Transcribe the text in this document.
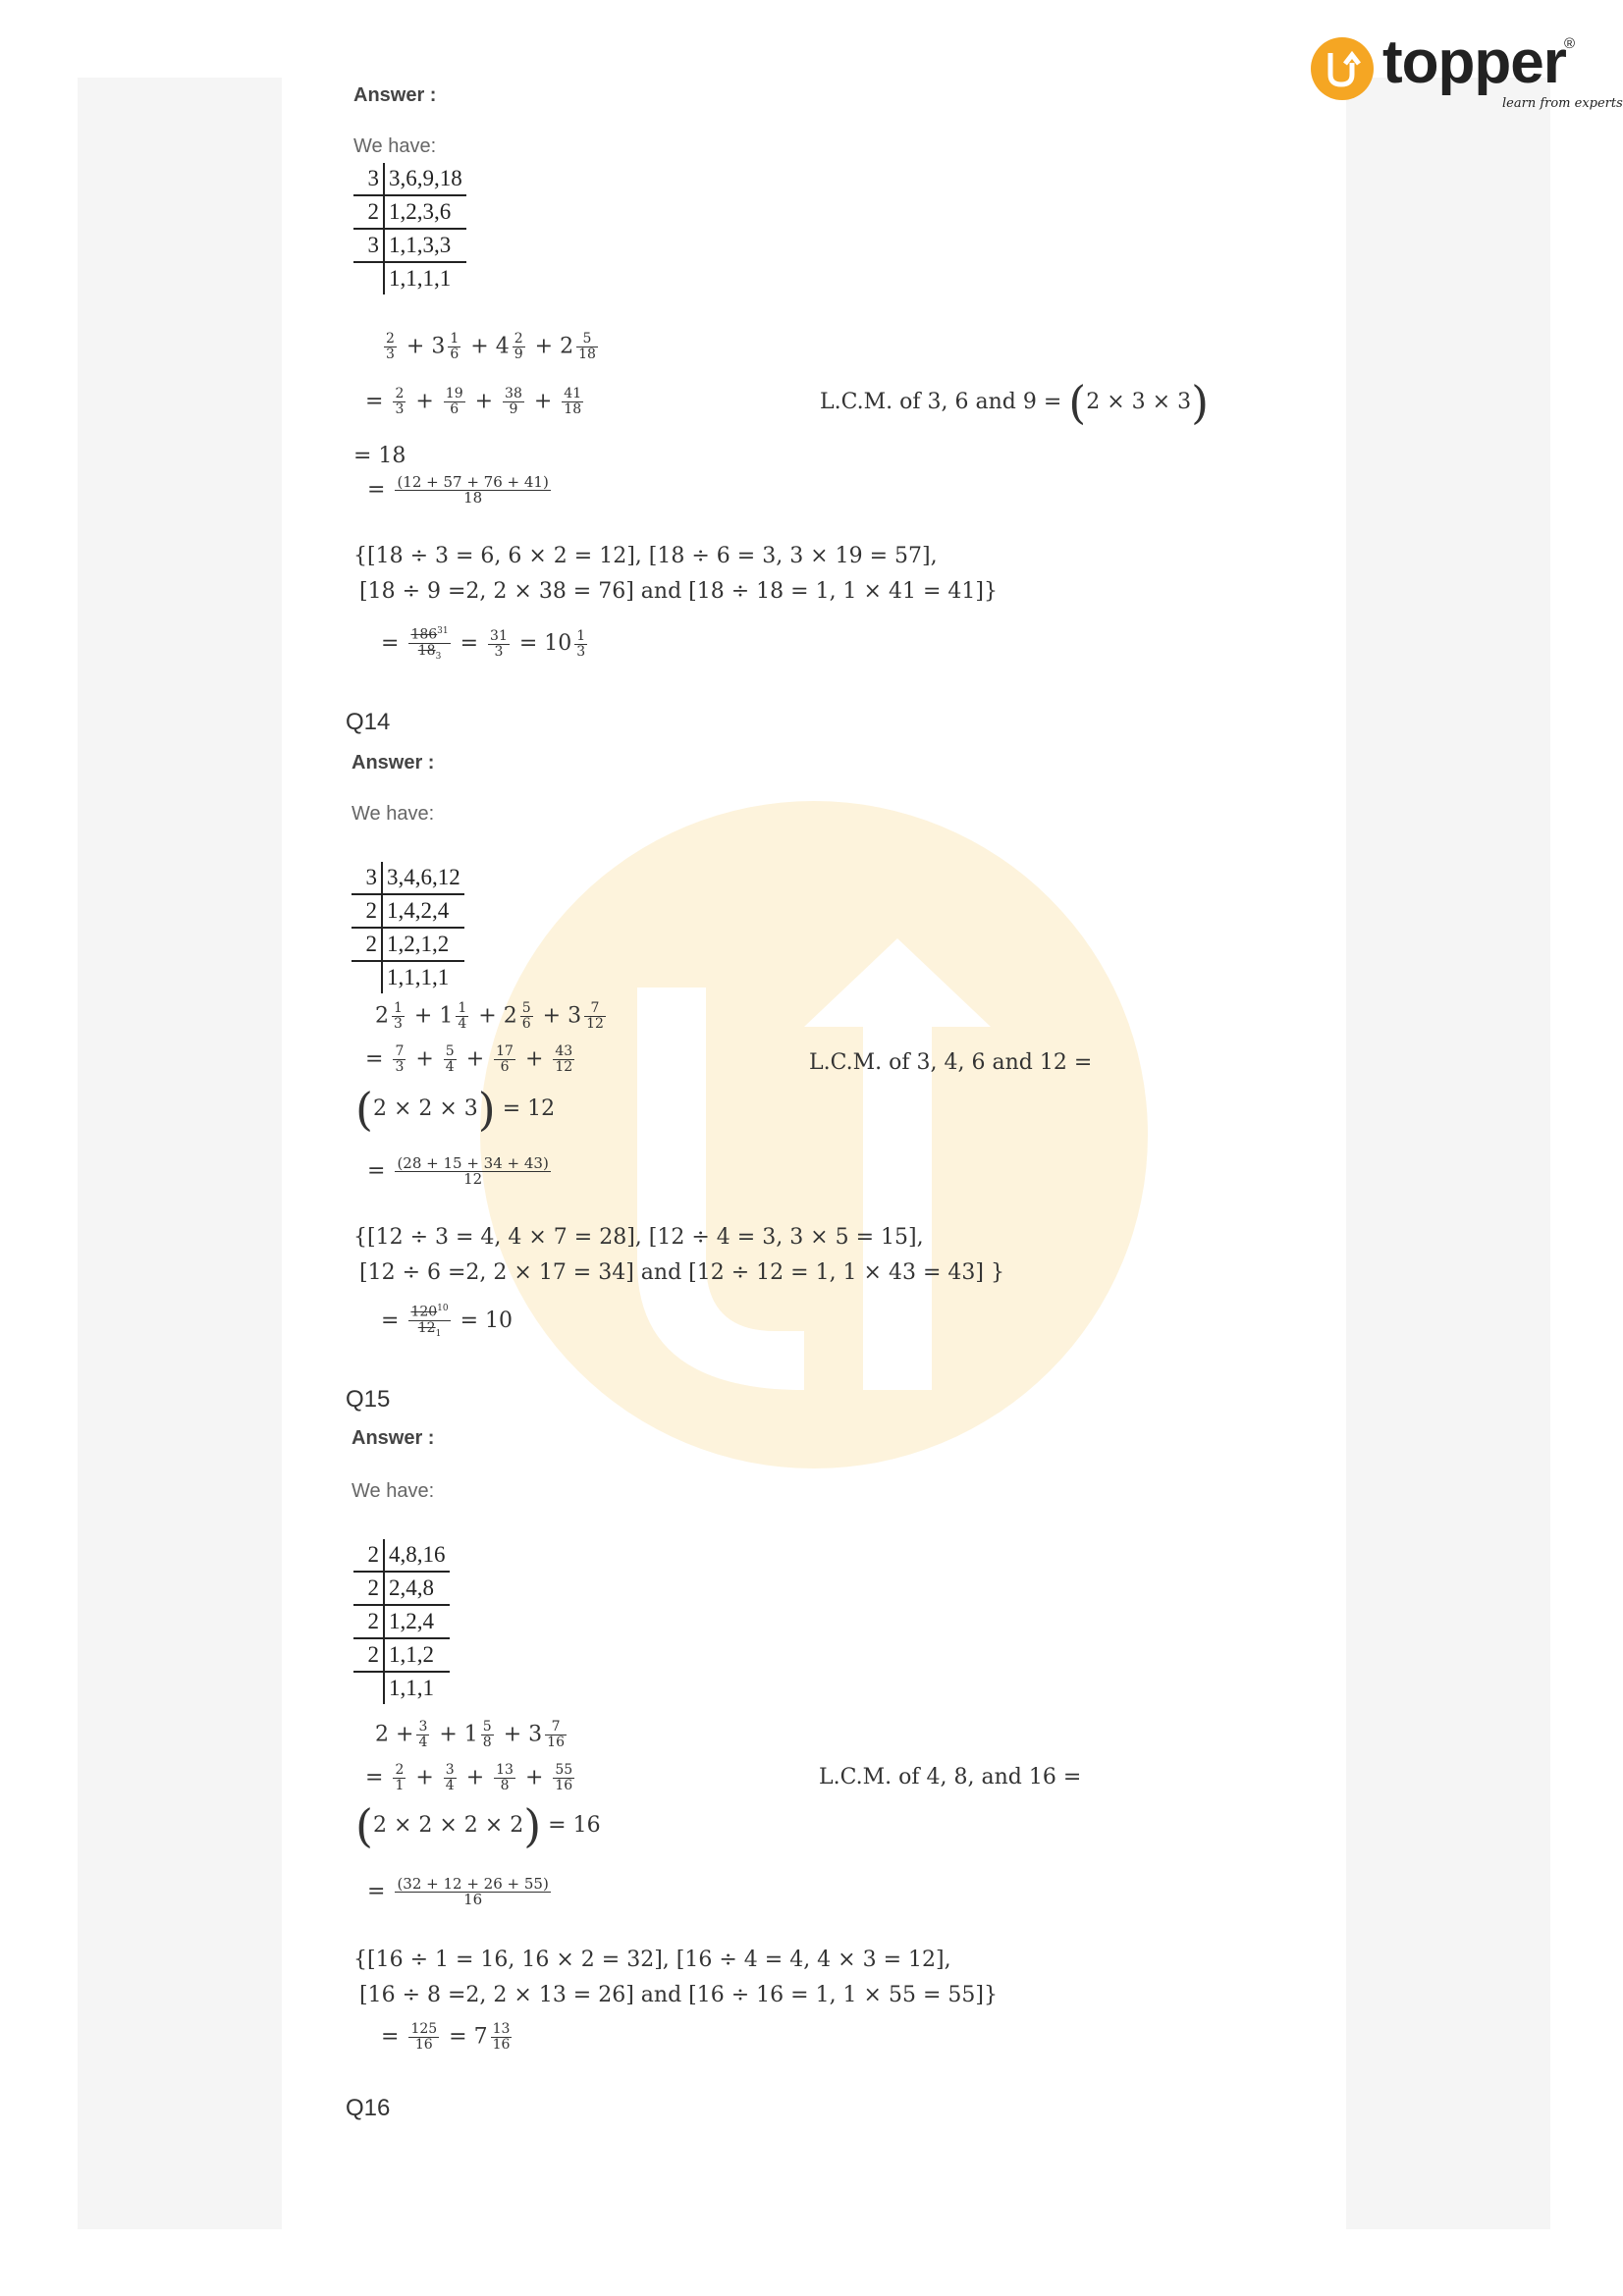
topper
®
learn from experts
Answer :
We have:
3	3,6,9,18
2	1,2,3,6
3	1,1,3,3
	1,1,1,1
$\frac{2}{3} + 3 \frac{1}{6} + 4 \frac{2}{9} + 2 \frac{5}{18}$
= $\frac{2}{3} + \frac{19}{6} + \frac{38}{9} + \frac{41}{18}$	L.C.M. of 3, 6 and 9 = (2 × 3 × 3)
= 18
= $\frac{(12 + 57 + 76 + 41)}{18}$
{[18 ÷ 3 = 6, 6 × 2 = 12], [18 ÷ 6 = 3, 3 × 19 = 57],
[18 ÷ 9 =2, 2 × 38 = 76] and [18 ÷ 18 = 1, 1 × 41 = 41]}
= $\frac{186^{31}}{18_3} = \frac{31}{3} = 10 \frac{1}{3}$
Q14
Answer :
We have:
3	3,4,6,12
2	1,4,2,4
2	1,2,1,2
	1,1,1,1
$2 \frac{1}{3} + 1 \frac{1}{4} + 2 \frac{5}{6} + 3 \frac{7}{12}$
= $\frac{7}{3} + \frac{5}{4} + \frac{17}{6} + \frac{43}{12}$	L.C.M. of 3, 4, 6 and 12 =
(2 × 2 × 3) = 12
= $\frac{(28 + 15 + 34 + 43)}{12}$
{[12 ÷ 3 = 4, 4 × 7 = 28], [12 ÷ 4 = 3, 3 × 5 = 15],
[12 ÷ 6 =2, 2 × 17 = 34] and [12 ÷ 12 = 1, 1 × 43 = 43] }
= $\frac{120^{10}}{12_1} = 10$
Q15
Answer :
We have:
2	4,8,16
2	2,4,8
2	1,2,4
2	1,1,2
	1,1,1
$2 + \frac{3}{4} + 1 \frac{5}{8} + 3 \frac{7}{16}$
= $\frac{2}{1} + \frac{3}{4} + \frac{13}{8} + \frac{55}{16}$	L.C.M. of 4, 8, and 16 =
(2 × 2 × 2 × 2) = 16
= $\frac{(32 + 12 + 26 + 55)}{16}$
{[16 ÷ 1 = 16, 16 × 2 = 32], [16 ÷ 4 = 4, 4 × 3 = 12],
[16 ÷ 8 =2, 2 × 13 = 26] and [16 ÷ 16 = 1, 1 × 55 = 55]}
= $\frac{125}{16} = 7 \frac{13}{16}$
Q16
